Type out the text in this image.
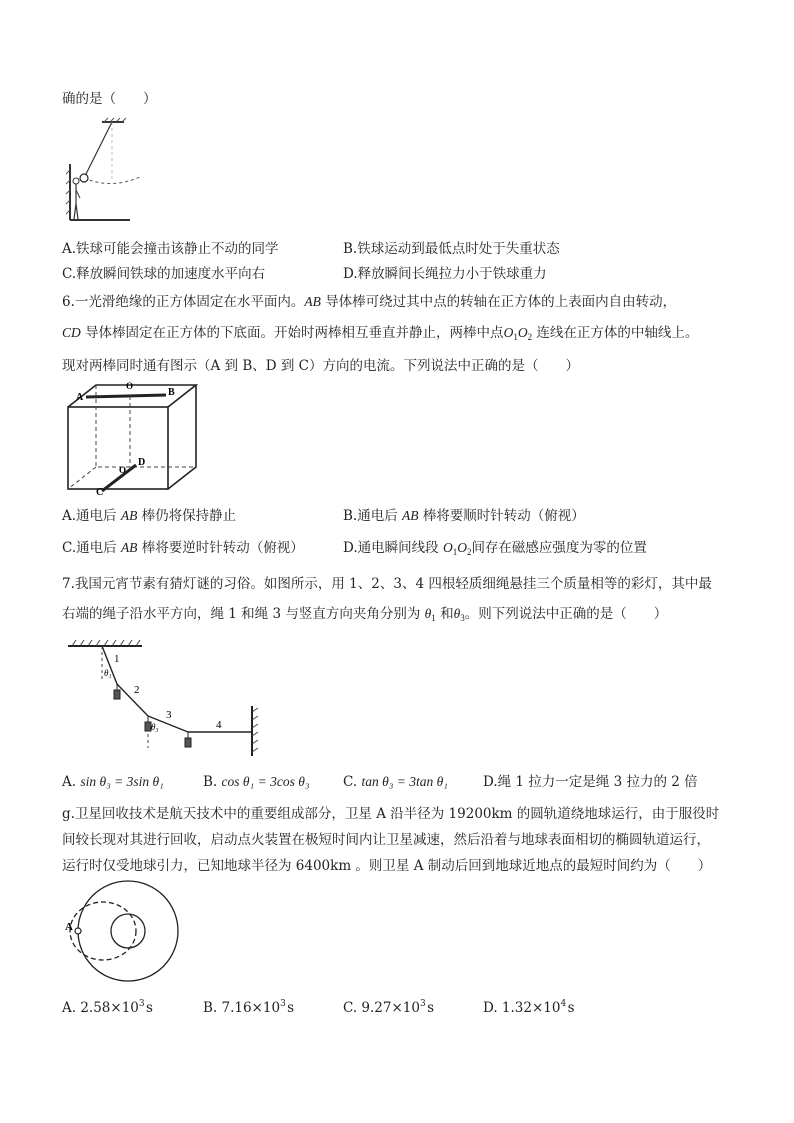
确的是（　　）
A.铁球可能会撞击该静止不动的同学	B.铁球运动到最低点时处于失重状态
C.释放瞬间铁球的加速度水平向右	D.释放瞬间长绳拉力小于铁球重力
6.一光滑绝缘的正方体固定在水平面内。AB 导体棒可绕过其中点的转轴在正方体的上表面内自由转动，
CD 导体棒固定在正方体的下底面。开始时两棒相互垂直并静止，两棒中点$O_1O_2$ 连线在正方体的中轴线上。
现对两棒同时通有图示（A 到 B、D 到 C）方向的电流。下列说法中正确的是（　　）
A	B
O
O
D
C
A.通电后 AB 棒仍将保持静止	B.通电后 AB 棒将要顺时针转动（俯视）
C.通电后 AB 棒将要逆时针转动（俯视）	D.通电瞬间线段 $O_1O_2$间存在磁感应强度为零的位置
7.我国元宵节素有猜灯谜的习俗。如图所示，用 1、2、3、4 四根轻质细绳悬挂三个质量相等的彩灯，其中最
右端的绳子沿水平方向，绳 1 和绳 3 与竖直方向夹角分别为 $\theta_1$ 和$\theta_3$。则下列说法中正确的是（　　）
1
θ₁
2
3
θ₃	4
A. sin θ₃ = 3sin θ₁	B. cos θ₁ = 3cos θ₃ C. tan θ₃ = 3tan θ₁	D.绳 1 拉力一定是绳 3 拉力的 2 倍
g.卫星回收技术是航天技术中的重要组成部分，卫星 A 沿半径为 19200km 的圆轨道绕地球运行，由于服役时
间较长现对其进行回收，启动点火装置在极短时间内让卫星减速，然后沿着与地球表面相切的椭圆轨道运行，
运行时仅受地球引力，已知地球半径为 6400km 。则卫星 A 制动后回到地球近地点的最短时间约为（　　）
A
A. $2.58\times 10^3$ s	B. $7.16\times 10^3$ s	C. $9.27\times 10^3$ s	D. $1.32\times 10^4$ s
